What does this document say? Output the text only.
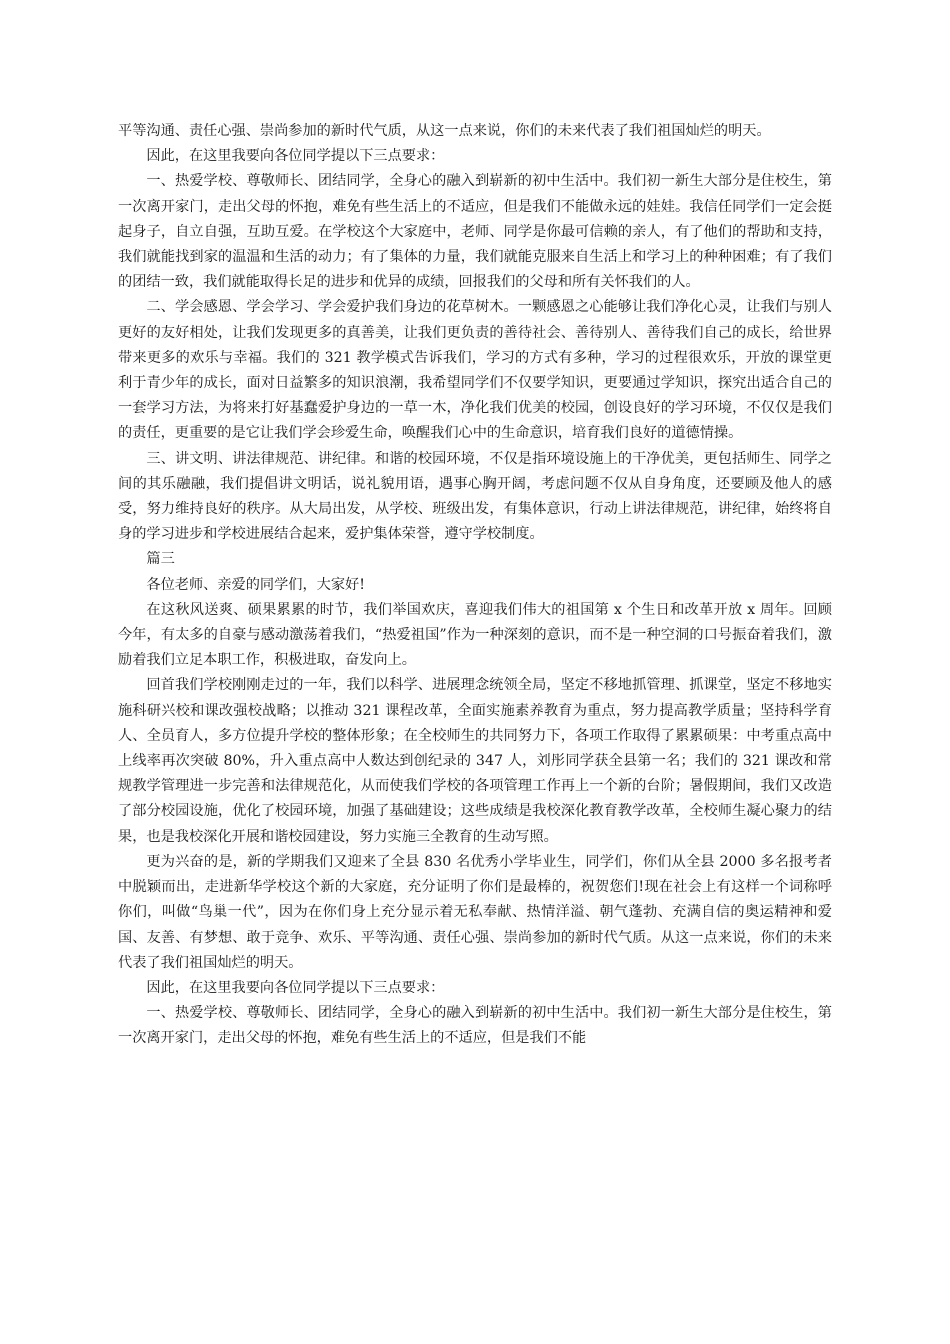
平等沟通、责任心强、崇尚参加的新时代气质，从这一点来说，你们的未来代表了我们祖国灿烂的明天。

因此，在这里我要向各位同学提以下三点要求：

一、热爱学校、尊敬师长、团结同学，全身心的融入到崭新的初中生活中。我们初一新生大部分是住校生，第一次离开家门，走出父母的怀抱，难免有些生活上的不适应，但是我们不能做永远的娃娃。我信任同学们一定会挺起身子，自立自强，互助互爱。在学校这个大家庭中，老师、同学是你最可信赖的亲人，有了他们的帮助和支持，我们就能找到家的温温和生活的动力；有了集体的力量，我们就能克服来自生活上和学习上的种种困难；有了我们的团结一致，我们就能取得长足的进步和优异的成绩，回报我们的父母和所有关怀我们的人。

二、学会感恩、学会学习、学会爱护我们身边的花草树木。一颗感恩之心能够让我们净化心灵，让我们与别人更好的友好相处，让我们发现更多的真善美，让我们更负责的善待社会、善待别人、善待我们自己的成长，给世界带来更多的欢乐与幸福。我们的 321 教学模式告诉我们，学习的方式有多种，学习的过程很欢乐，开放的课堂更利于青少年的成长，面对日益繁多的知识浪潮，我希望同学们不仅要学知识，更要通过学知识，探究出适合自己的一套学习方法，为将来打好基蠢爱护身边的一草一木，净化我们优美的校园，创设良好的学习环境，不仅仅是我们的责任，更重要的是它让我们学会珍爱生命，唤醒我们心中的生命意识，培育我们良好的道德情操。

三、讲文明、讲法律规范、讲纪律。和谐的校园环境，不仅是指环境设施上的干净优美，更包括师生、同学之间的其乐融融，我们提倡讲文明话，说礼貌用语，遇事心胸开阔，考虑问题不仅从自身角度，还要顾及他人的感受，努力维持良好的秩序。从大局出发，从学校、班级出发，有集体意识，行动上讲法律规范，讲纪律，始终将自身的学习进步和学校进展结合起来，爱护集体荣誉，遵守学校制度。

篇三

各位老师、亲爱的同学们，大家好!

在这秋风送爽、硕果累累的时节，我们举国欢庆，喜迎我们伟大的祖国第 x 个生日和改革开放 x 周年。回顾今年，有太多的自豪与感动激荡着我们，“热爱祖国”作为一种深刻的意识，而不是一种空洞的口号振奋着我们，激励着我们立足本职工作，积极进取，奋发向上。

回首我们学校刚刚走过的一年，我们以科学、进展理念统领全局，坚定不移地抓管理、抓课堂，坚定不移地实施科研兴校和课改强校战略；以推动 321 课程改革，全面实施素养教育为重点，努力提高教学质量；坚持科学育人、全员育人，多方位提升学校的整体形象；在全校师生的共同努力下，各项工作取得了累累硕果：中考重点高中上线率再次突破 80%，升入重点高中人数达到创纪录的 347 人，刘彤同学获全县第一名；我们的 321 课改和常规教学管理进一步完善和法律规范化，从而使我们学校的各项管理工作再上一个新的台阶；暑假期间，我们又改造了部分校园设施，优化了校园环境，加强了基础建设；这些成绩是我校深化教育教学改革，全校师生凝心聚力的结果，也是我校深化开展和谐校园建设，努力实施三全教育的生动写照。

更为兴奋的是，新的学期我们又迎来了全县 830 名优秀小学毕业生，同学们，你们从全县 2000 多名报考者中脱颖而出，走进新华学校这个新的大家庭，充分证明了你们是最棒的，祝贺您们!现在社会上有这样一个词称呼你们，叫做“鸟巢一代”，因为在你们身上充分显示着无私奉献、热情洋溢、朝气蓬勃、充满自信的奥运精神和爱国、友善、有梦想、敢于竞争、欢乐、平等沟通、责任心强、崇尚参加的新时代气质。从这一点来说，你们的未来代表了我们祖国灿烂的明天。

因此，在这里我要向各位同学提以下三点要求：

一、热爱学校、尊敬师长、团结同学，全身心的融入到崭新的初中生活中。我们初一新生大部分是住校生，第一次离开家门，走出父母的怀抱，难免有些生活上的不适应，但是我们不能
